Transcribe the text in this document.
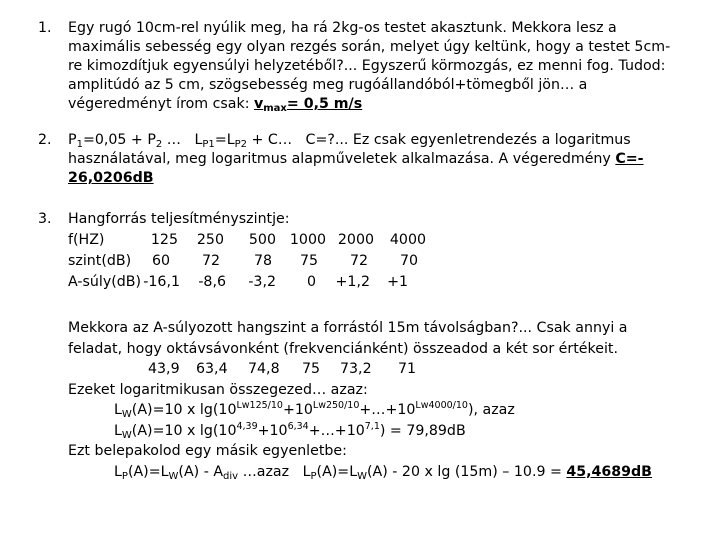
1. Egy rugó 10cm-rel nyúlik meg, ha rá 2kg-os testet akasztunk. Mekkora lesz a
maximális sebesség egy olyan rezgés során, melyet úgy keltünk, hogy a testet 5cm-
re kimozdítjuk egyensúlyi helyzetéből?... Egyszerű körmozgás, ez menni fog. Tudod:
amplitúdó az 5 cm, szögsebesség meg rugóállandóból+tömegből jön… a
végeredményt írom csak: $v_{max}= 0,5$ m/s
2. $P_1=0,05 + P_2$ …   $L_{P1}=L_{P2}$ + C…   C=?... Ez csak egyenletrendezés a logaritmus
használatával, meg logaritmus alapműveletek alkalmazása. A végeredmény C=-
26,0206dB
3. Hangforrás teljesítményszintje:
f(HZ)	125	250	500 1000 2000	4000
szint(dB)	60	72	78	75	72	70
A-súly(dB) -16,1	-8,6	-3,2	0 +1,2	+1
Mekkora az A-súlyozott hangszint a forrástól 15m távolságban?... Csak annyi a
feladat, hogy oktávsávonként (frekvenciánként) összeadod a két sor értékeit.
43,9 63,4 74,8 75 73,2 71
Ezeket logaritmikusan összegezed… azaz:
$L_W(A)=10$ x $\lg(10^{Lw125/10}+10^{Lw250/10}+\dots+10^{Lw4000/10})$, azaz
$L_W(A)=10$ x $\lg(10^{4,39}+10^{6,34}+\dots+10^{7,1}) = 79,89dB$
Ezt belepakolod egy másik egyenletbe:
$L_P(A)=L_W(A) - A_{div}$ …azaz   $L_P(A)=L_W(A) - 20$ x lg (15m) – 10.9 = 45,4689dB
